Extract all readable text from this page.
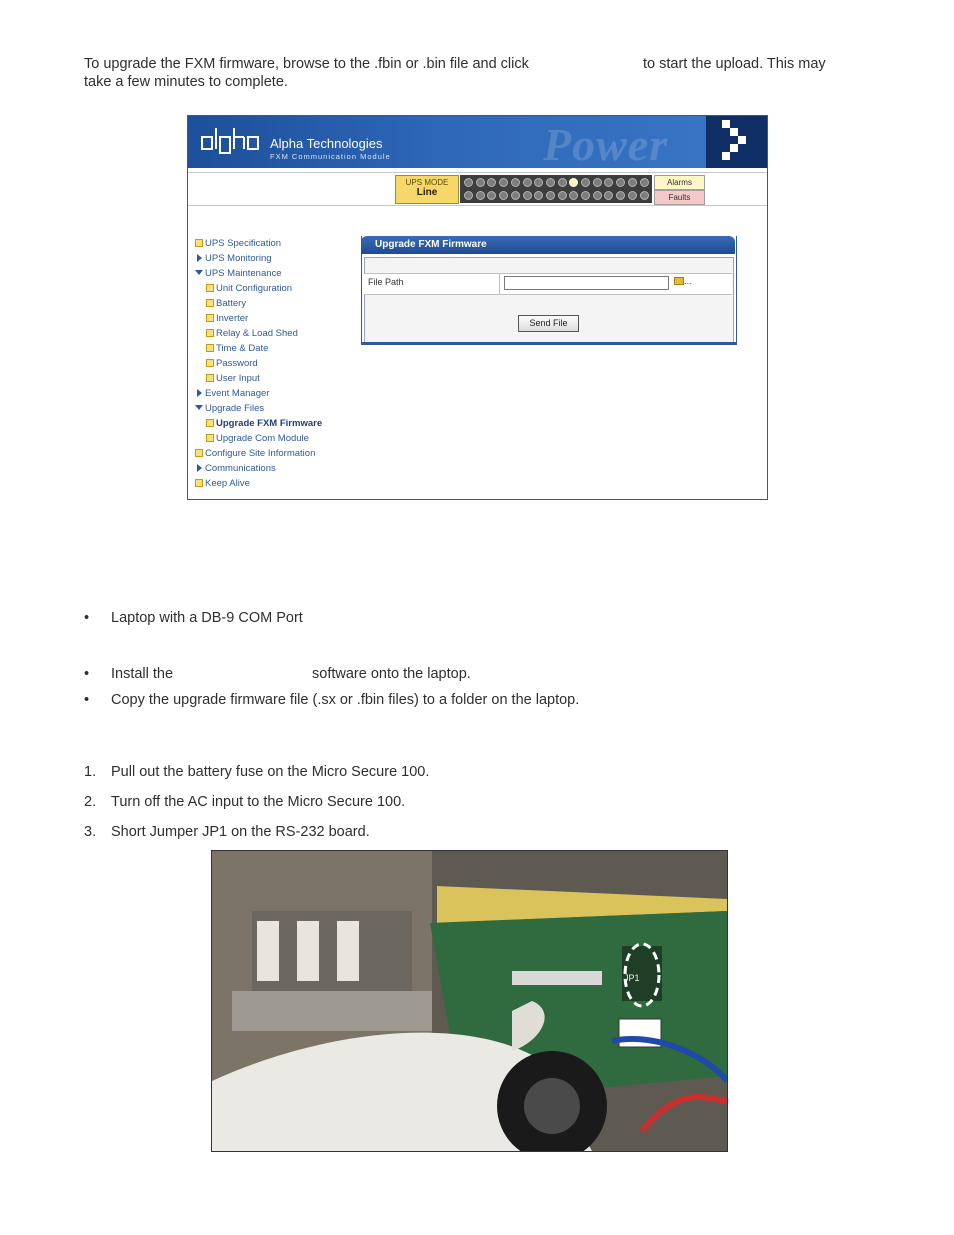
To upgrade the FXM firmware, browse to the .fbin or .bin file and click	to start the upload. This may
take a few minutes to complete.
Power
Alpha Technologies
FXM Communication Module
UPS MODE
Line
Alarms
Faults
UPS Specification
UPS Monitoring
UPS Maintenance
Unit Configuration
Battery
Inverter
Relay & Load Shed
Time & Date
Password
User Input
Event Manager
Upgrade Files
Upgrade FXM Firmware
Upgrade Com Module
Configure Site Information
Communications
Keep Alive
Upgrade FXM Firmware
File Path	...
Send File
• Laptop with a DB-9 COM Port
• Install the	software onto the laptop.
• Copy the upgrade firmware file (.sx or .fbin files) to a folder on the laptop.
1. Pull out the battery fuse on the Micro Secure 100.
2. Turn off the AC input to the Micro Secure 100.
3. Short Jumper JP1 on the RS-232 board.
JP1
